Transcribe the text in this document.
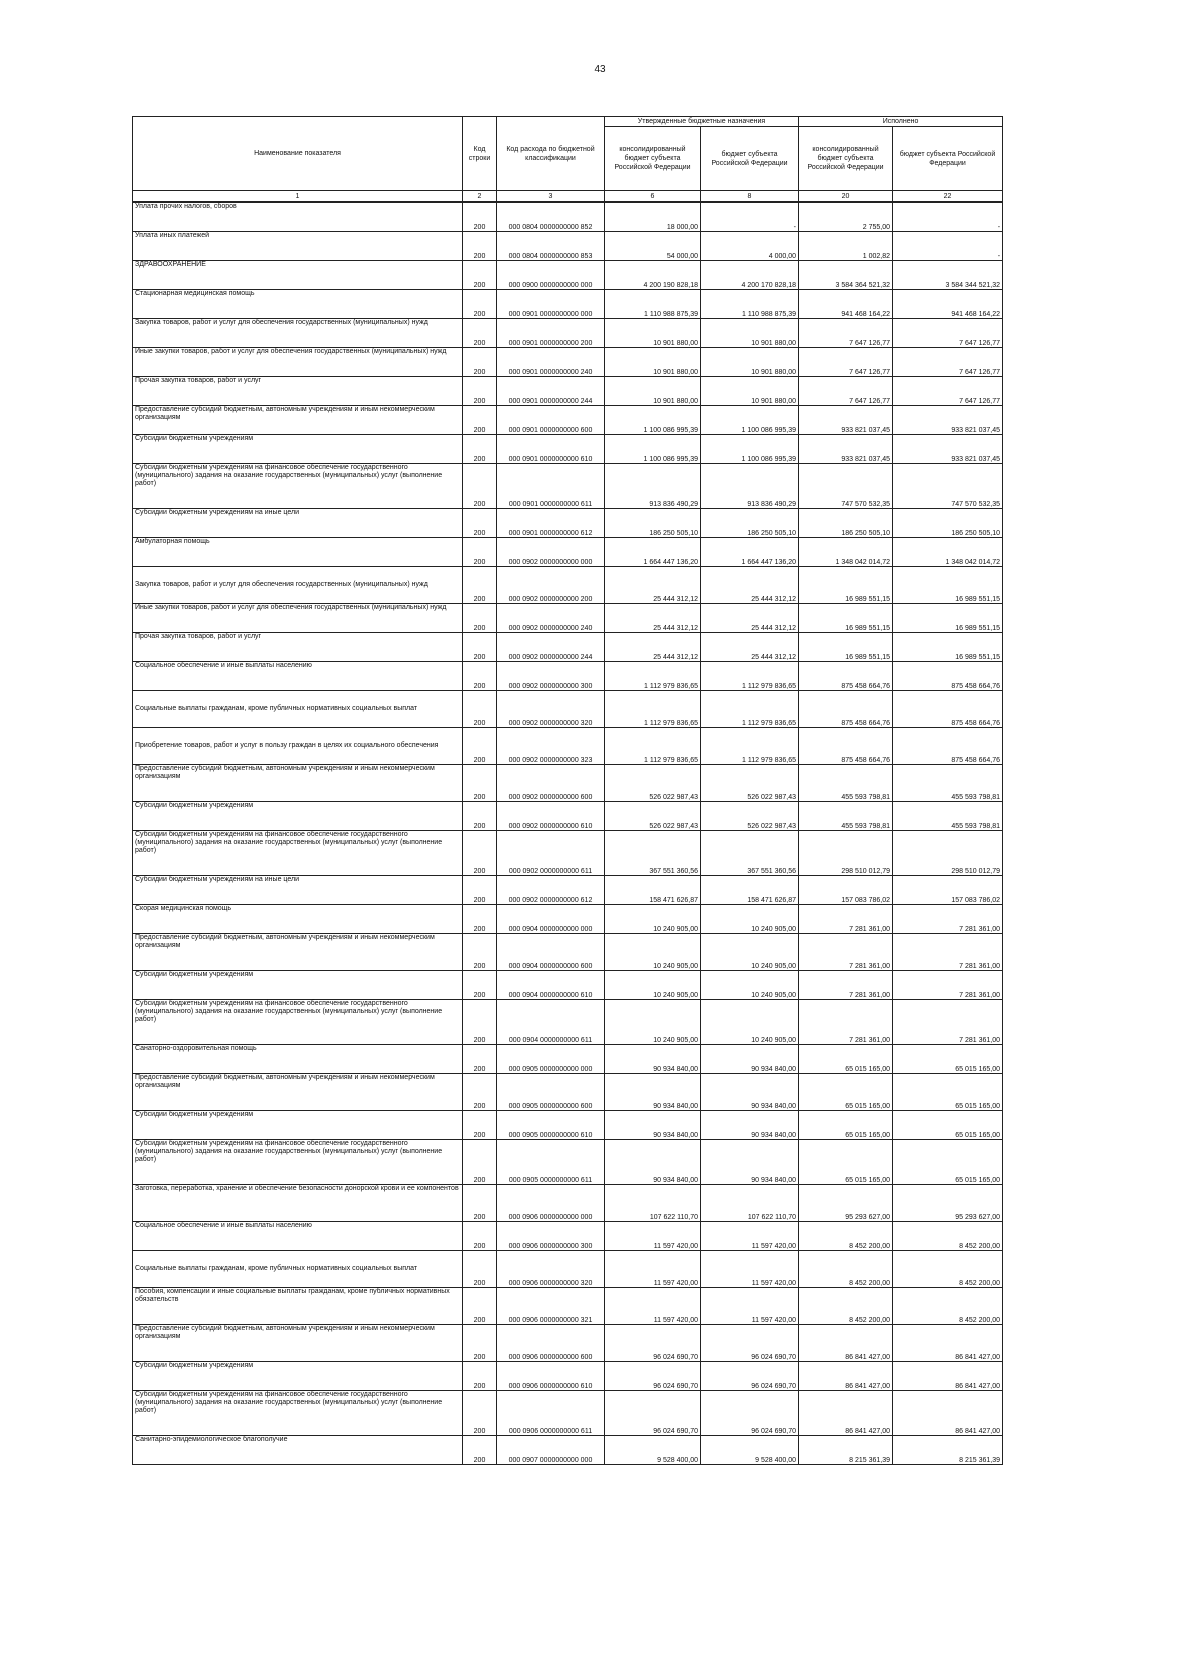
43
Наименование показателя	Код строки	Код расхода по бюджетной классификации	Утвержденные бюджетные назначения		Исполнено	
			консолидированный бюджет субъекта Российской Федерации	бюджет субъекта Российской Федерации	консолидированный бюджет субъекта Российской Федерации	бюджет субъекта Российской Федерации
1	2	3	6	8	20	22
Уплата прочих налогов, сборов	200	000 0804 0000000000 852	18 000,00	-	2 755,00	-
Уплата иных платежей	200	000 0804 0000000000 853	54 000,00	4 000,00	1 002,82	-
ЗДРАВООХРАНЕНИЕ	200	000 0900 0000000000 000	4 200 190 828,18	4 200 170 828,18	3 584 364 521,32	3 584 344 521,32
Стационарная медицинская помощь	200	000 0901 0000000000 000	1 110 988 875,39	1 110 988 875,39	941 468 164,22	941 468 164,22
Закупка товаров, работ и услуг для обеспечения государственных (муниципальных) нужд	200	000 0901 0000000000 200	10 901 880,00	10 901 880,00	7 647 126,77	7 647 126,77
Иные закупки товаров, работ и услуг для обеспечения государственных (муниципальных) нужд	200	000 0901 0000000000 240	10 901 880,00	10 901 880,00	7 647 126,77	7 647 126,77
Прочая закупка товаров, работ и услуг	200	000 0901 0000000000 244	10 901 880,00	10 901 880,00	7 647 126,77	7 647 126,77
Предоставление субсидий бюджетным, автономным учреждениям и иным некоммерческим организациям	200	000 0901 0000000000 600	1 100 086 995,39	1 100 086 995,39	933 821 037,45	933 821 037,45
Субсидии бюджетным учреждениям	200	000 0901 0000000000 610	1 100 086 995,39	1 100 086 995,39	933 821 037,45	933 821 037,45
Субсидии бюджетным учреждениям на финансовое обеспечение государственного (муниципального) задания на оказание государственных (муниципальных) услуг (выполнение работ)	200	000 0901 0000000000 611	913 836 490,29	913 836 490,29	747 570 532,35	747 570 532,35
Субсидии бюджетным учреждениям на иные цели	200	000 0901 0000000000 612	186 250 505,10	186 250 505,10	186 250 505,10	186 250 505,10
Амбулаторная помощь	200	000 0902 0000000000 000	1 664 447 136,20	1 664 447 136,20	1 348 042 014,72	1 348 042 014,72
Закупка товаров, работ и услуг для обеспечения государственных (муниципальных) нужд	200	000 0902 0000000000 200	25 444 312,12	25 444 312,12	16 989 551,15	16 989 551,15
Иные закупки товаров, работ и услуг для обеспечения государственных (муниципальных) нужд	200	000 0902 0000000000 240	25 444 312,12	25 444 312,12	16 989 551,15	16 989 551,15
Прочая закупка товаров, работ и услуг	200	000 0902 0000000000 244	25 444 312,12	25 444 312,12	16 989 551,15	16 989 551,15
Социальное обеспечение и иные выплаты населению	200	000 0902 0000000000 300	1 112 979 836,65	1 112 979 836,65	875 458 664,76	875 458 664,76
Социальные выплаты гражданам, кроме публичных нормативных социальных выплат	200	000 0902 0000000000 320	1 112 979 836,65	1 112 979 836,65	875 458 664,76	875 458 664,76
Приобретение товаров, работ и услуг в пользу граждан в целях их социального обеспечения	200	000 0902 0000000000 323	1 112 979 836,65	1 112 979 836,65	875 458 664,76	875 458 664,76
Предоставление субсидий бюджетным, автономным учреждениям и иным некоммерческим организациям	200	000 0902 0000000000 600	526 022 987,43	526 022 987,43	455 593 798,81	455 593 798,81
Субсидии бюджетным учреждениям	200	000 0902 0000000000 610	526 022 987,43	526 022 987,43	455 593 798,81	455 593 798,81
Субсидии бюджетным учреждениям на финансовое обеспечение государственного (муниципального) задания на оказание государственных (муниципальных) услуг (выполнение работ)	200	000 0902 0000000000 611	367 551 360,56	367 551 360,56	298 510 012,79	298 510 012,79
Субсидии бюджетным учреждениям на иные цели	200	000 0902 0000000000 612	158 471 626,87	158 471 626,87	157 083 786,02	157 083 786,02
Скорая медицинская помощь	200	000 0904 0000000000 000	10 240 905,00	10 240 905,00	7 281 361,00	7 281 361,00
Предоставление субсидий бюджетным, автономным учреждениям и иным некоммерческим организациям	200	000 0904 0000000000 600	10 240 905,00	10 240 905,00	7 281 361,00	7 281 361,00
Субсидии бюджетным учреждениям	200	000 0904 0000000000 610	10 240 905,00	10 240 905,00	7 281 361,00	7 281 361,00
Субсидии бюджетным учреждениям на финансовое обеспечение государственного (муниципального) задания на оказание государственных (муниципальных) услуг (выполнение работ)	200	000 0904 0000000000 611	10 240 905,00	10 240 905,00	7 281 361,00	7 281 361,00
Санаторно-оздоровительная помощь	200	000 0905 0000000000 000	90 934 840,00	90 934 840,00	65 015 165,00	65 015 165,00
Предоставление субсидий бюджетным, автономным учреждениям и иным некоммерческим организациям	200	000 0905 0000000000 600	90 934 840,00	90 934 840,00	65 015 165,00	65 015 165,00
Субсидии бюджетным учреждениям	200	000 0905 0000000000 610	90 934 840,00	90 934 840,00	65 015 165,00	65 015 165,00
Субсидии бюджетным учреждениям на финансовое обеспечение государственного (муниципального) задания на оказание государственных (муниципальных) услуг (выполнение работ)	200	000 0905 0000000000 611	90 934 840,00	90 934 840,00	65 015 165,00	65 015 165,00
Заготовка, переработка, хранение и обеспечение безопасности донорской крови и ее компонентов	200	000 0906 0000000000 000	107 622 110,70	107 622 110,70	95 293 627,00	95 293 627,00
Социальное обеспечение и иные выплаты населению	200	000 0906 0000000000 300	11 597 420,00	11 597 420,00	8 452 200,00	8 452 200,00
Социальные выплаты гражданам, кроме публичных нормативных социальных выплат	200	000 0906 0000000000 320	11 597 420,00	11 597 420,00	8 452 200,00	8 452 200,00
Пособия, компенсации и иные социальные выплаты гражданам, кроме публичных нормативных обязательств	200	000 0906 0000000000 321	11 597 420,00	11 597 420,00	8 452 200,00	8 452 200,00
Предоставление субсидий бюджетным, автономным учреждениям и иным некоммерческим организациям	200	000 0906 0000000000 600	96 024 690,70	96 024 690,70	86 841 427,00	86 841 427,00
Субсидии бюджетным учреждениям	200	000 0906 0000000000 610	96 024 690,70	96 024 690,70	86 841 427,00	86 841 427,00
Субсидии бюджетным учреждениям на финансовое обеспечение государственного (муниципального) задания на оказание государственных (муниципальных) услуг (выполнение работ)	200	000 0906 0000000000 611	96 024 690,70	96 024 690,70	86 841 427,00	86 841 427,00
Санитарно-эпидемиологическое благополучие	200	000 0907 0000000000 000	9 528 400,00	9 528 400,00	8 215 361,39	8 215 361,39
